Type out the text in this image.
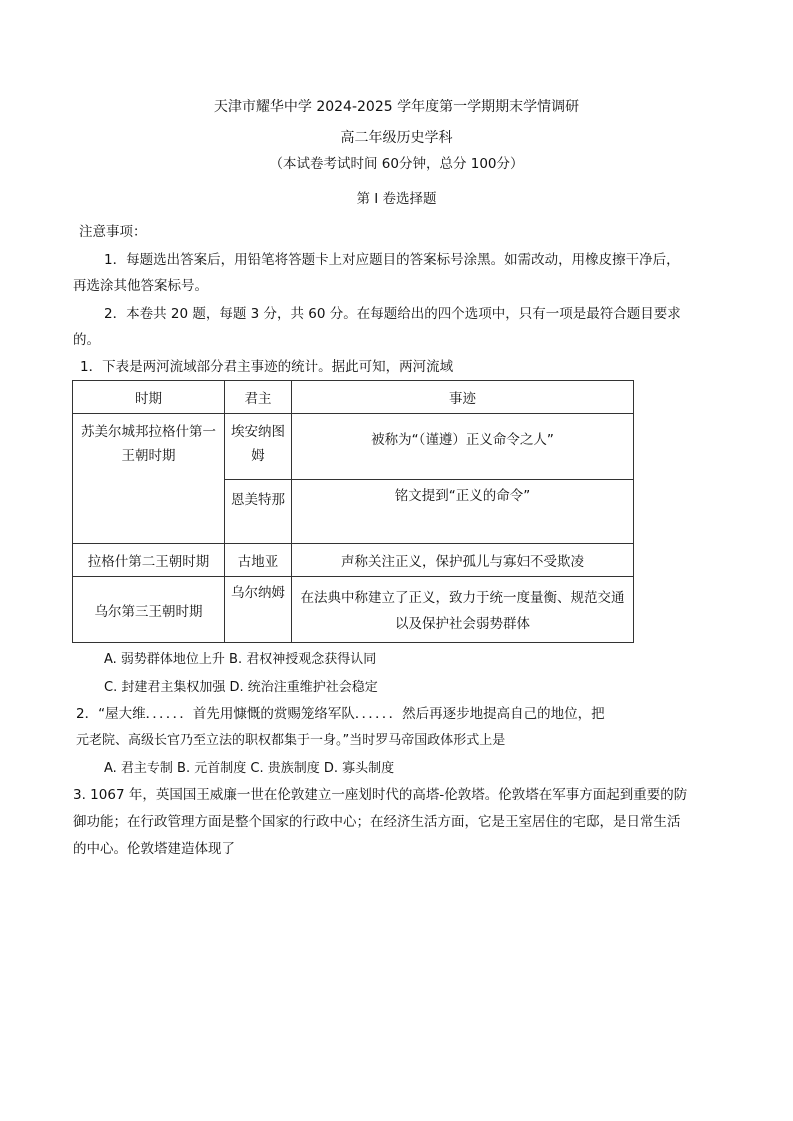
天津市耀华中学 2024-2025 学年度第一学期期末学情调研
高二年级历史学科
（本试卷考试时间 60分钟，总分 100分）
第 I 卷选择题
注意事项：
1．每题选出答案后，用铅笔将答题卡上对应题目的答案标号涂黑。如需改动，用橡皮擦干净后，
再选涂其他答案标号。
2．本卷共 20 题，每题 3 分，共 60 分。在每题给出的四个选项中，只有一项是最符合题目要求
的。
1．下表是两河流域部分君主事迹的统计。据此可知，两河流域
时期	君主	事迹

苏美尔城邦拉格什第一
王朝时期	埃安纳图
姆	被称为“（谨遵）正义命令之人”
	恩美特那	铭文提到“正义的命令”
拉格什第二王朝时期	古地亚	声称关注正义，保护孤儿与寡妇不受欺凌
乌尔第三王朝时期	乌尔纳姆	在法典中称建立了正义，致力于统一度量衡、规范交通
以及保护社会弱势群体
A. 弱势群体地位上升 B. 君权神授观念获得认同
C. 封建君主集权加强 D. 统治注重维护社会稳定
2．“屋大维．．．．．．首先用慷慨的赏赐笼络军队．．．．．．然后再逐步地提高自己的地位，把
元老院、高级长官乃至立法的职权都集于一身。”当时罗马帝国政体形式上是
A. 君主专制 B. 元首制度 C. 贵族制度 D. 寡头制度
3. 1067 年，英国国王威廉一世在伦敦建立一座划时代的高塔-伦敦塔。伦敦塔在军事方面起到重要的防
御功能；在行政管理方面是整个国家的行政中心；在经济生活方面，它是王室居住的宅邸，是日常生活
的中心。伦敦塔建造体现了
